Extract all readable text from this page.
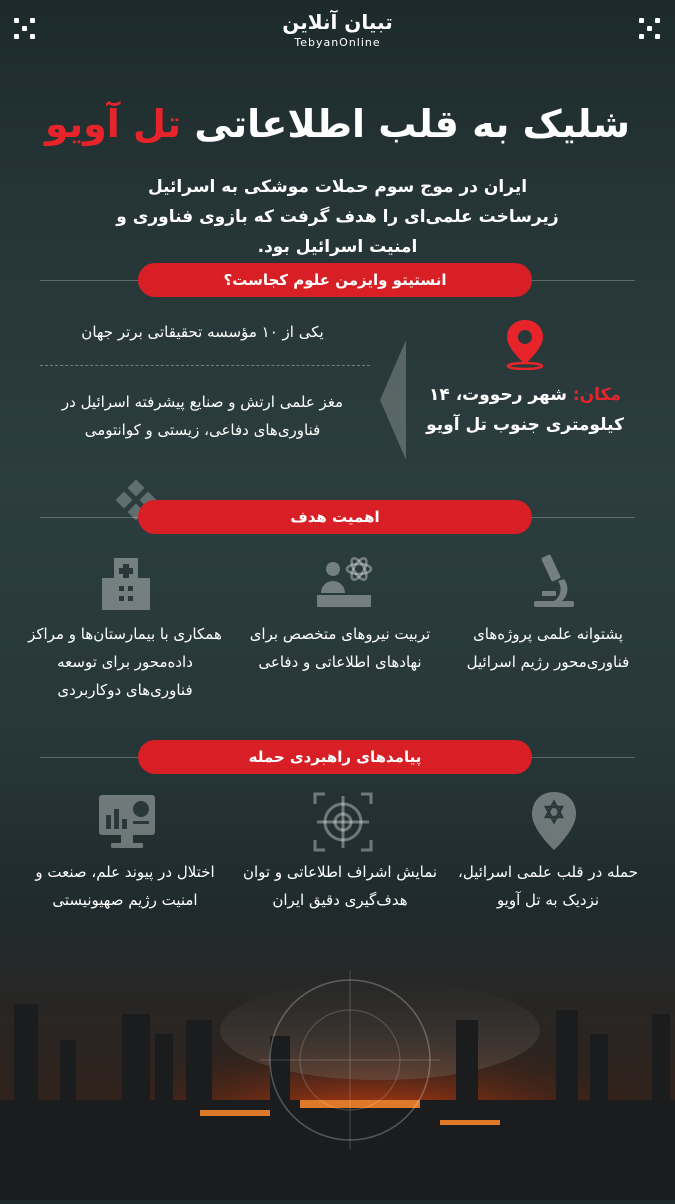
تبیان آنلاین
TebyanOnline
شلیک به قلب اطلاعاتی تل آویو
ایران در موج سوم حملات موشکی به اسرائیل زیرساخت علمی‌ای را هدف گرفت که بازوی فناوری و امنیت اسرائیل بود.
انستیتو وایزمن علوم کجاست؟
مکان: شهر رحووت، ۱۴ کیلومتری جنوب تل آویو
یکی از ۱۰ مؤسسه تحقیقاتی برتر جهان
مغز علمی ارتش و صنایع پیشرفته اسرائیل در فناوری‌های دفاعی، زیستی و کوانتومی
اهمیت هدف
پشتوانه علمی پروژه‌های فناوری‌محور رژیم اسرائیل
تربیت نیروهای متخصص برای نهادهای اطلاعاتی و دفاعی
همکاری با بیمارستان‌ها و مراکز داده‌محور برای توسعه فناوری‌های دوکاربردی
پیامدهای راهبردی حمله
حمله در قلب علمی اسرائیل، نزدیک به تل آویو
نمایش اشراف اطلاعاتی و توان هدف‌گیری دقیق ایران
اختلال در پیوند علم، صنعت و امنیت رژیم صهیونیستی
